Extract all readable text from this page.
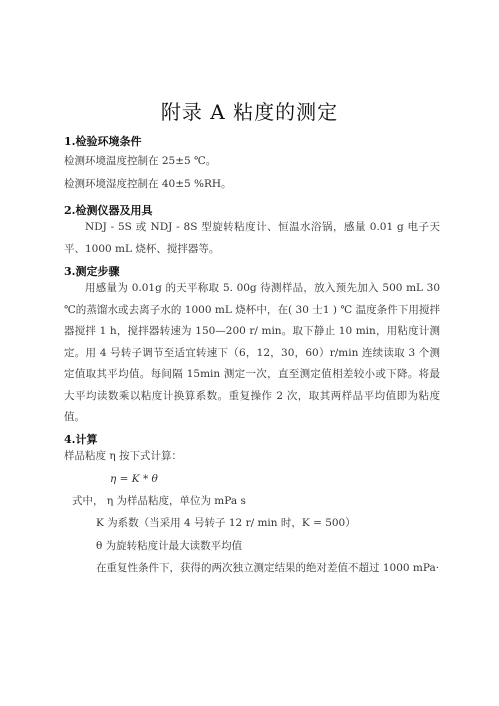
附录 A 粘度的测定
1.检验环境条件
检测环境温度控制在 25±5 ℃。
检测环境湿度控制在 40±5 %RH。
2.检测仪器及用具
NDJ - 5S 或 NDJ - 8S 型旋转粘度计、恒温水浴锅，感量 0.01 g 电子天平、1000 mL 烧杯、搅拌器等。
3.测定步骤
用感量为 0.01g 的天平称取 5. 00g 待测样品，放入预先加入 500 mL 30 ℃的蒸馏水或去离子水的 1000 mL 烧杯中，在( 30 士1 ) ℃ 温度条件下用搅拌器搅拌 1 h，搅拌器转速为 150—200 r/ min。取下静止 10 min，用粘度计测定。用 4 号转子调节至适宜转速下（6，12，30，60）r/min 连续读取 3 个测定值取其平均值。每间隔 15min 测定一次，直至测定值相差较小或下降。将最大平均读数乘以粘度计换算系数。重复操作 2 次，取其两样品平均值即为粘度值。
4.计算
样品粘度 η 按下式计算：
η = K * θ
式中， η 为样品粘度，单位为 mPa s
K 为系数（当采用 4 号转子 12 r/ min 时，K = 500）
θ 为旋转粘度计最大读数平均值
在重复性条件下，获得的两次独立测定结果的绝对差值不超过 1000 mPa·
